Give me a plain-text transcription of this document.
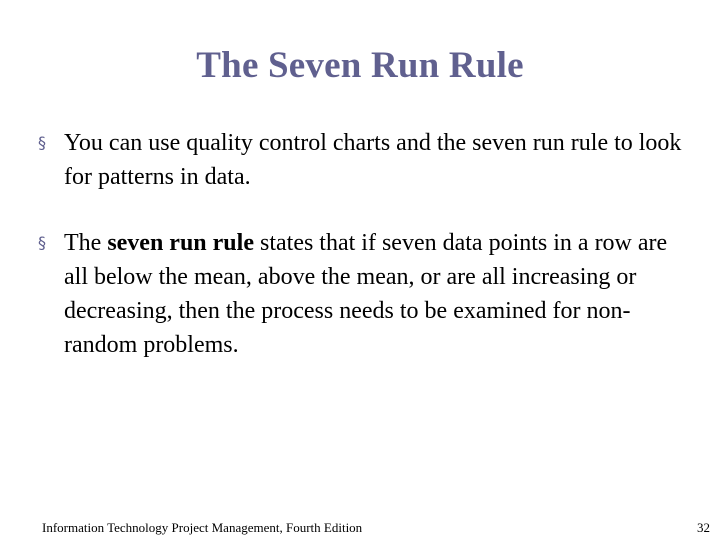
The Seven Run Rule
§ You can use quality control charts and the seven run rule to look for patterns in data.
§ The seven run rule states that if seven data points in a row are all below the mean, above the mean, or are all increasing or decreasing, then the process needs to be examined for non-random problems.
Information Technology Project Management, Fourth Edition	32
